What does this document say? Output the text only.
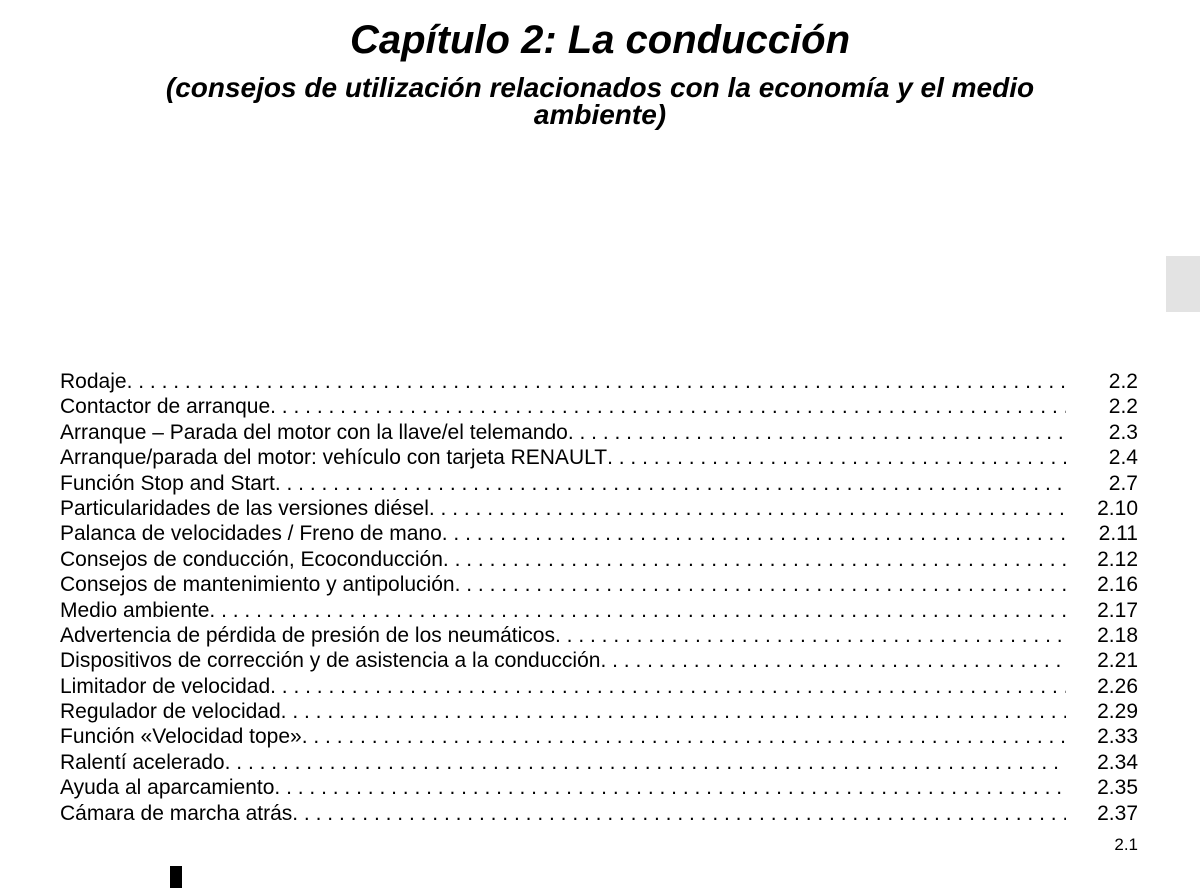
Capítulo 2: La conducción
(consejos de utilización relacionados con la economía y el medio ambiente)
Rodaje . . .	2.2
Contactor de arranque . . .	2.2
Arranque – Parada del motor con la llave/el telemando . . .	2.3
Arranque/parada del motor: vehículo con tarjeta RENAULT . . .	2.4
Función Stop and Start . . .	2.7
Particularidades de las versiones diésel . . .	2.10
Palanca de velocidades / Freno de mano . . .	2.11
Consejos de conducción, Ecoconducción . . .	2.12
Consejos de mantenimiento y antipolución . . .	2.16
Medio ambiente . . .	2.17
Advertencia de pérdida de presión de los neumáticos . . .	2.18
Dispositivos de corrección y de asistencia a la conducción . . .	2.21
Limitador de velocidad . . .	2.26
Regulador de velocidad . . .	2.29
Función «Velocidad tope» . . .	2.33
Ralentí acelerado . . .	2.34
Ayuda al aparcamiento . . .	2.35
Cámara de marcha atrás . . .	2.37
2.1
